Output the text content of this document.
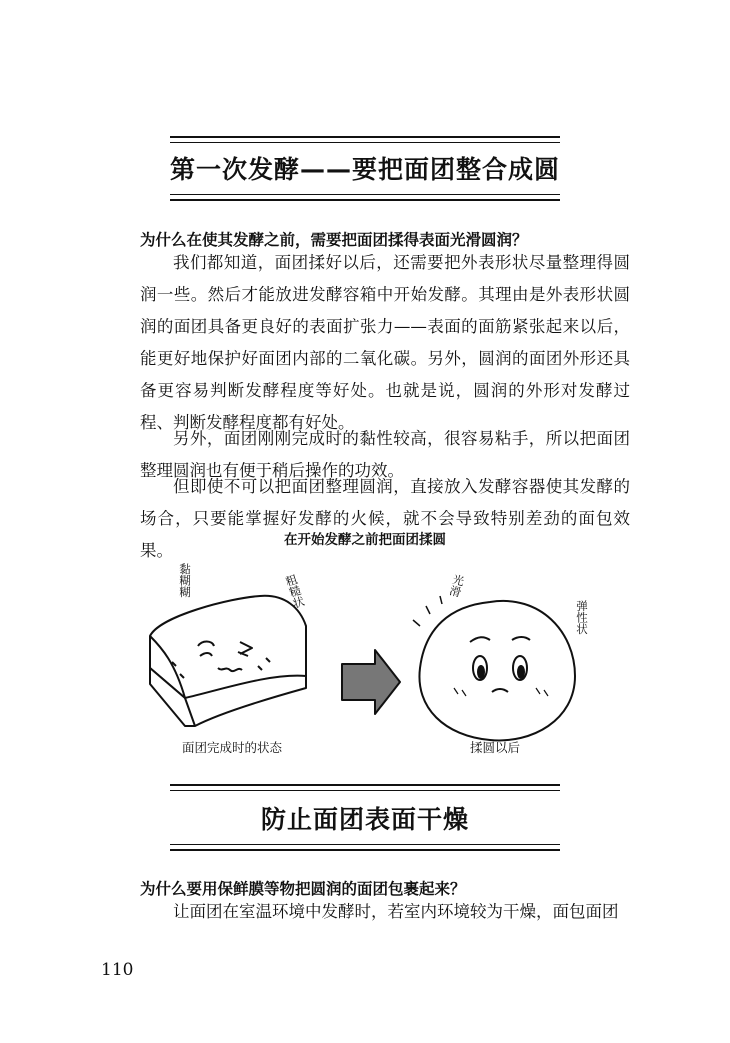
第一次发酵——要把面团整合成圆
为什么在使其发酵之前，需要把面团揉得表面光滑圆润？

我们都知道，面团揉好以后，还需要把外表形状尽量整理得圆润一些。然后才能放进发酵容箱中开始发酵。其理由是外表形状圆润的面团具备更良好的表面扩张力——表面的面筋紧张起来以后，能更好地保护好面团内部的二氧化碳。另外，圆润的面团外形还具备更容易判断发酵程度等好处。也就是说，圆润的外形对发酵过程、判断发酵程度都有好处。

另外，面团刚刚完成时的黏性较高，很容易粘手，所以把面团整理圆润也有便于稍后操作的功效。

但即使不可以把面团整理圆润，直接放入发酵容器使其发酵的场合，只要能掌握好发酵的火候，就不会导致特别差劲的面包效果。

在开始发酵之前把面团揉圆
黏糊糊	粗糙状	光滑
弹性状
面团完成时的状态	揉圆以后
防止面团表面干燥
为什么要用保鲜膜等物把圆润的面团包裹起来？

让面团在室温环境中发酵时，若室内环境较为干燥，面包面团

110
